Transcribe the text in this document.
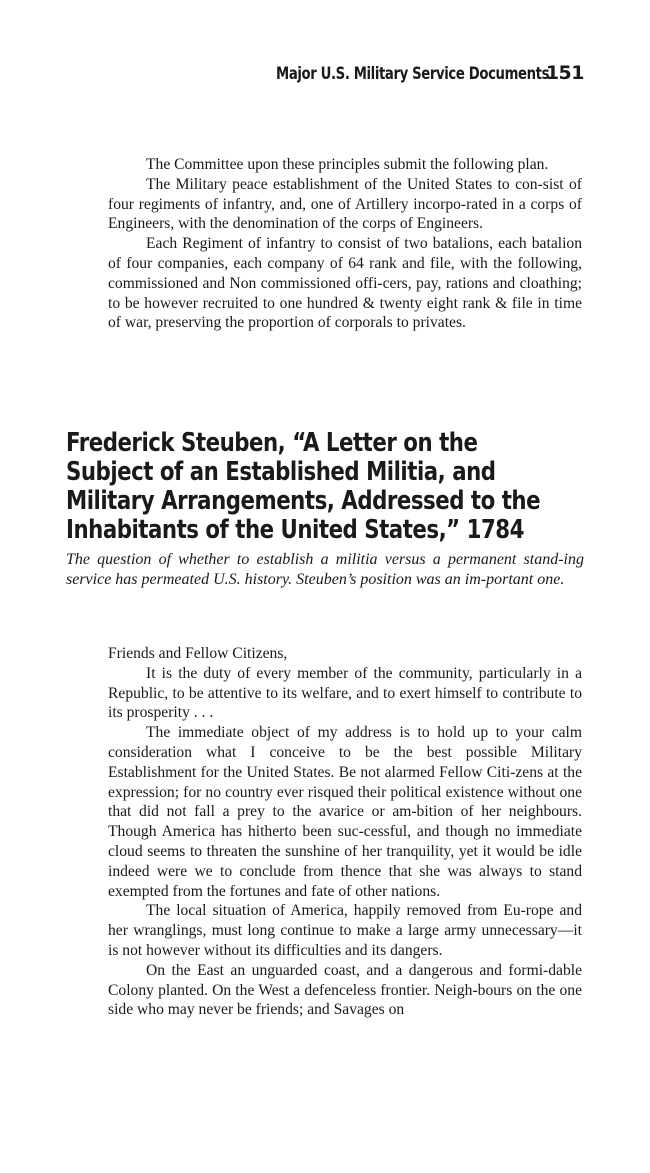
Major U.S. Military Service Documents 151

The Committee upon these principles submit the following plan.

The Military peace establishment of the United States to con-sist of four regiments of infantry, and, one of Artillery incorpo-rated in a corps of Engineers, with the denomination of the corps of Engineers.

Each Regiment of infantry to consist of two batalions, each batalion of four companies, each company of 64 rank and file, with the following, commissioned and Non commissioned offi-cers, pay, rations and cloathing; to be however recruited to one hundred & twenty eight rank & file in time of war, preserving the proportion of corporals to privates.

Frederick Steuben, “A Letter on the
Subject of an Established Militia, and
Military Arrangements, Addressed to the
Inhabitants of the United States,” 1784

The question of whether to establish a militia versus a permanent stand-ing service has permeated U.S. history. Steuben’s position was an im-portant one.

Friends and Fellow Citizens,

It is the duty of every member of the community, particularly in a Republic, to be attentive to its welfare, and to exert himself to contribute to its prosperity . . .

The immediate object of my address is to hold up to your calm consideration what I conceive to be the best possible Military Establishment for the United States. Be not alarmed Fellow Citi-zens at the expression; for no country ever risqued their political existence without one that did not fall a prey to the avarice or am-bition of her neighbours. Though America has hitherto been suc-cessful, and though no immediate cloud seems to threaten the sunshine of her tranquility, yet it would be idle indeed were we to conclude from thence that she was always to stand exempted from the fortunes and fate of other nations.

The local situation of America, happily removed from Eu-rope and her wranglings, must long continue to make a large army unnecessary—it is not however without its difficulties and its dangers.

On the East an unguarded coast, and a dangerous and formi-dable Colony planted. On the West a defenceless frontier. Neigh-bours on the one side who may never be friends; and Savages on
